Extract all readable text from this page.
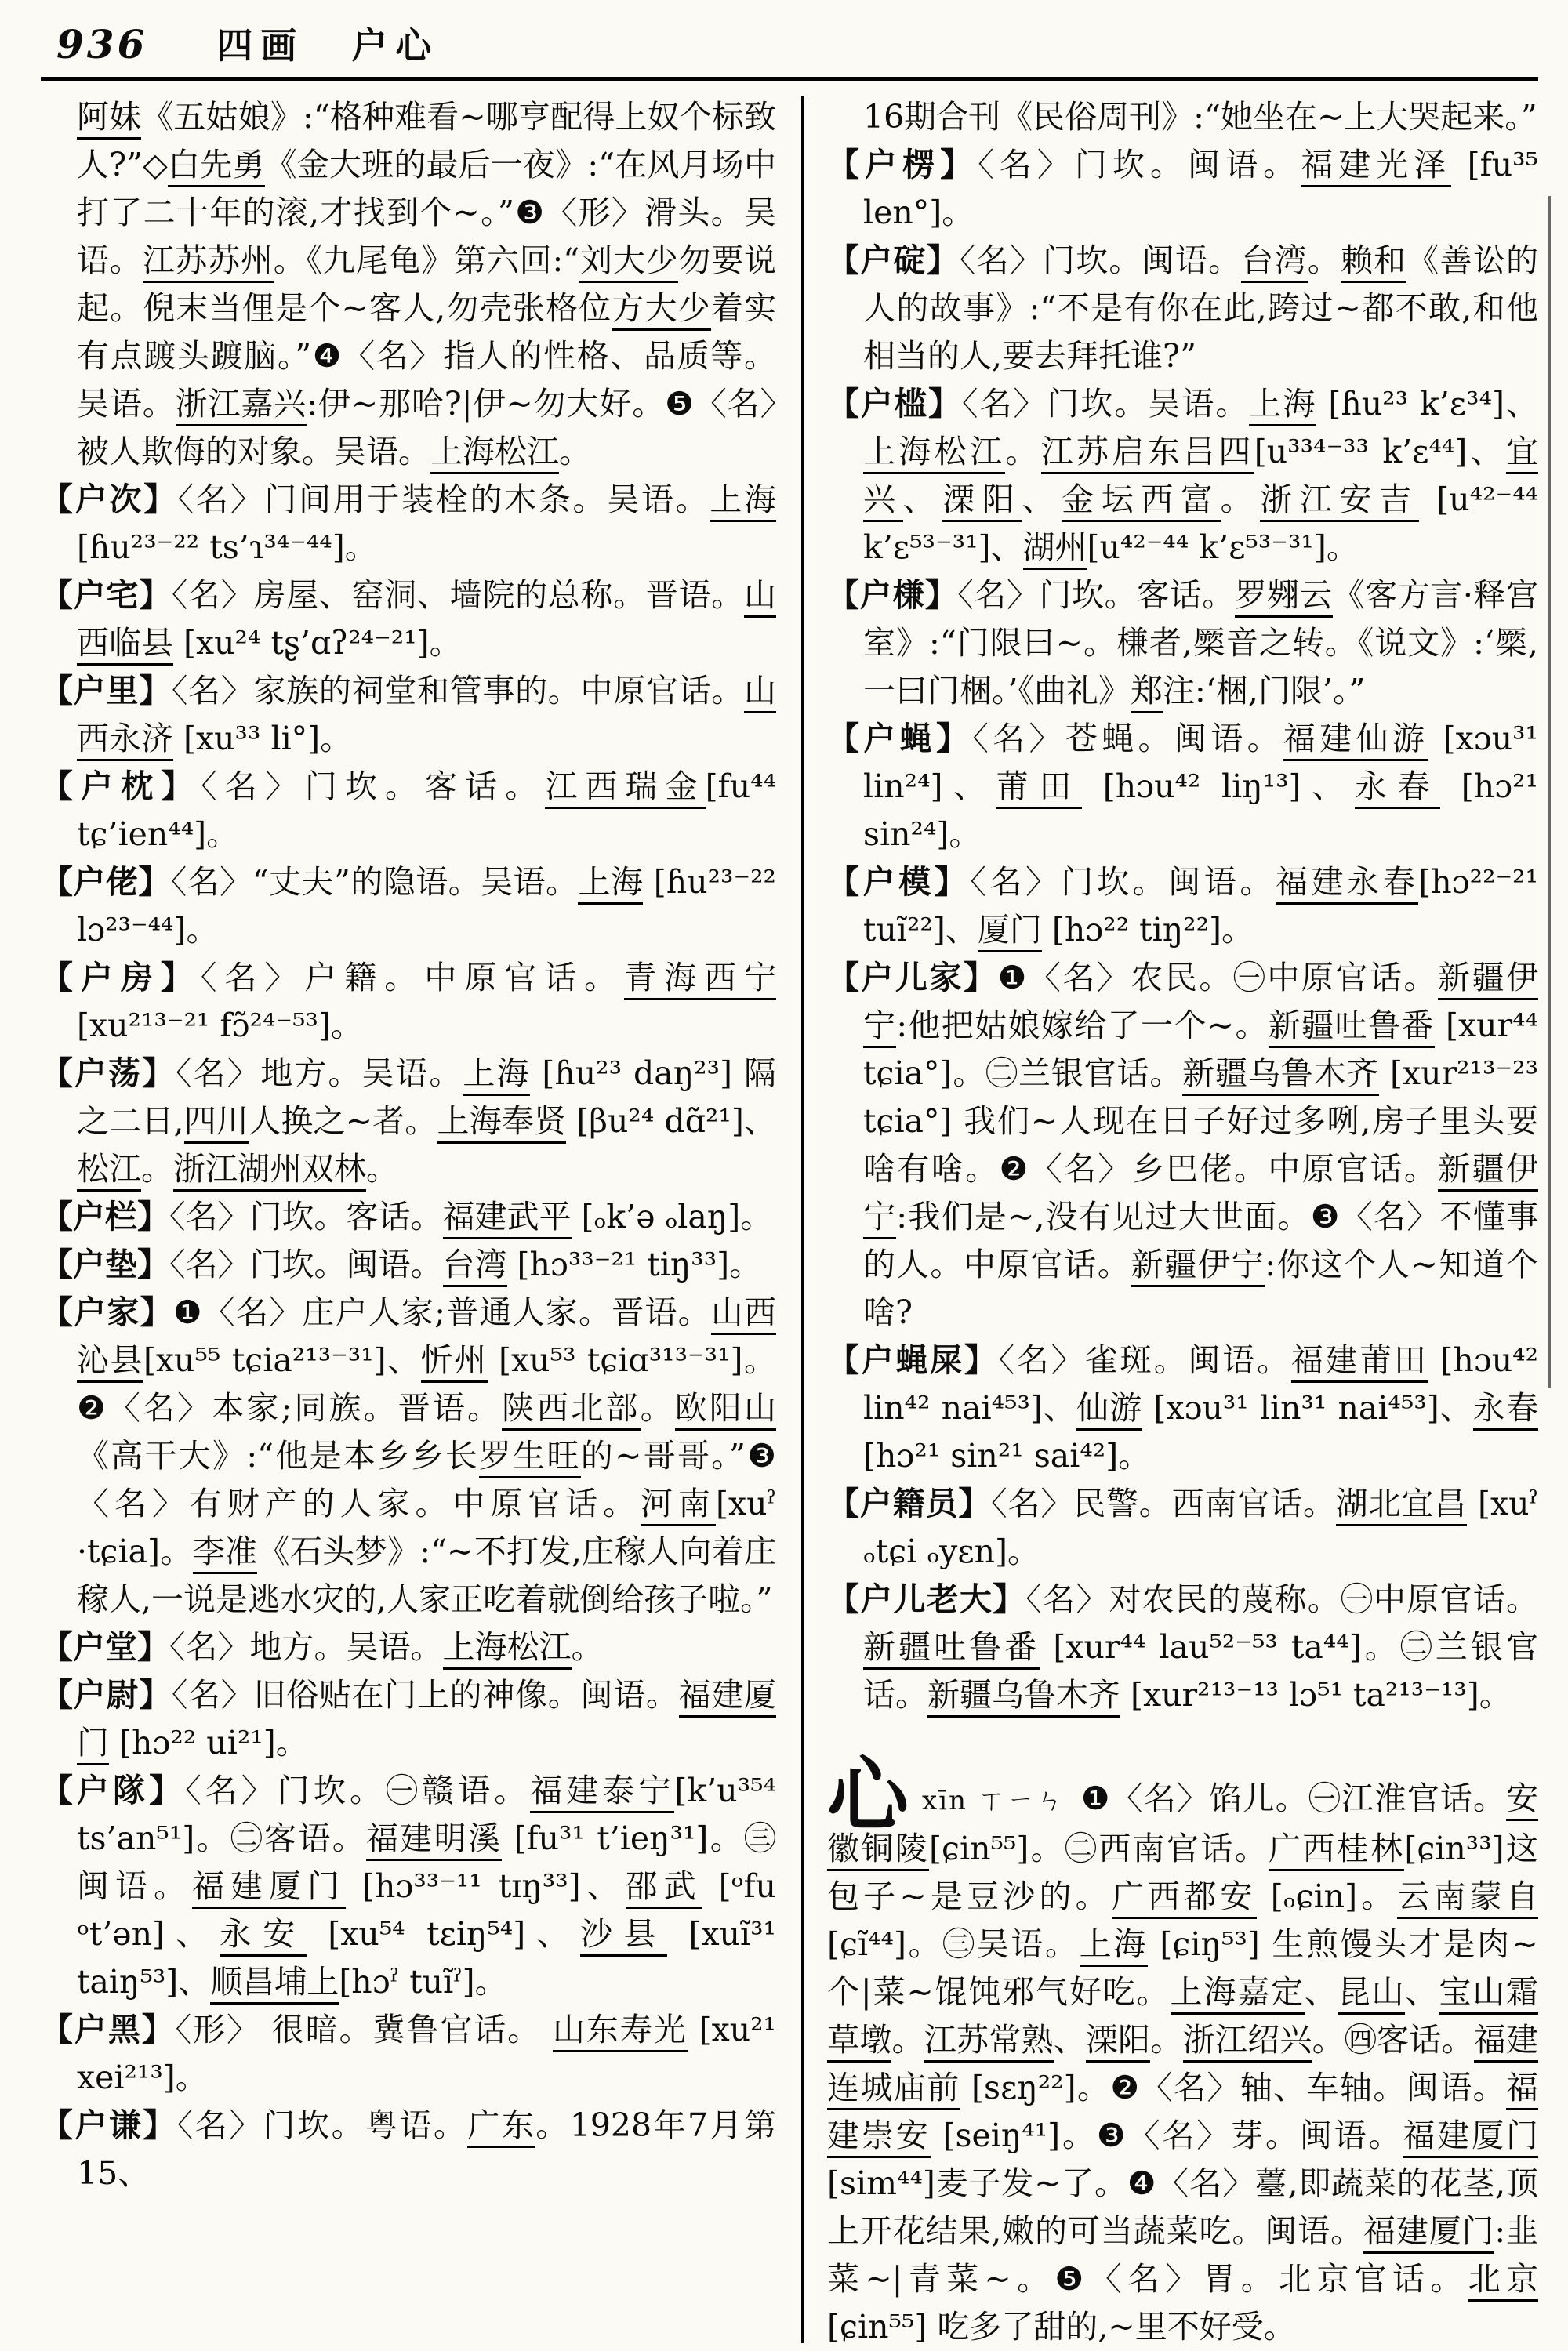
936 四画 户心

阿妹《五姑娘》:“格种难看~哪亨配得上奴个标致人?”◇白先勇《金大班的最后一夜》:“在风月场中打了二十年的滚,才找到个~。”❸〈形〉滑头。吴语。江苏苏州。《九尾龟》第六回:“刘大少勿要说起。倪末当俚是个~客人,勿壳张格位方大少着实有点踱头踱脑。”❹〈名〉指人的性格、品质等。吴语。浙江嘉兴:伊~那哈?|伊~勿大好。❺〈名〉被人欺侮的对象。吴语。上海松江。

【户次】〈名〉门间用于装栓的木条。吴语。上海[ɦu²³⁻²² ts’ɿ³⁴⁻⁴⁴]。

【户宅】〈名〉房屋、窑洞、墙院的总称。晋语。山西临县 [xu²⁴ tʂ’ɑʔ²⁴⁻²¹]。

【户里】〈名〉家族的祠堂和管事的。中原官话。山西永济 [xu³³ li°]。

【户枕】〈名〉门坎。客话。江西瑞金[fu⁴⁴ tɕ’ien⁴⁴]。

【户佬】〈名〉“丈夫”的隐语。吴语。上海 [ɦu²³⁻²² lɔ²³⁻⁴⁴]。

【户房】〈名〉户籍。中原官话。青海西宁 [xu²¹³⁻²¹ fɔ̃²⁴⁻⁵³]。

【户荡】〈名〉地方。吴语。上海 [ɦu²³ daŋ²³] 隔之二日,四川人换之~者。上海奉贤 [βu²⁴ dɑ̃²¹]、松江。浙江湖州双林。

【户栏】〈名〉门坎。客话。福建武平 [ₒk’ə ₒlaŋ]。

【户垫】〈名〉门坎。闽语。台湾 [hɔ³³⁻²¹ tiŋ³³]。

【户家】❶〈名〉庄户人家;普通人家。晋语。山西沁县[xu⁵⁵ tɕia²¹³⁻³¹]、忻州 [xu⁵³ tɕiɑ³¹³⁻³¹]。❷〈名〉本家;同族。晋语。陕西北部。欧阳山《高干大》:“他是本乡乡长罗生旺的~哥哥。”❸〈名〉有财产的人家。中原官话。河南[xuˀ ·tɕia]。李准《石头梦》:“~不打发,庄稼人向着庄稼人,一说是逃水灾的,人家正吃着就倒给孩子啦。”

【户堂】〈名〉地方。吴语。上海松江。

【户尉】〈名〉旧俗贴在门上的神像。闽语。福建厦门 [hɔ²² ui²¹]。

【户隊】〈名〉门坎。㊀赣语。福建泰宁[k’u³⁵⁴ ts’an⁵¹]。㊁客语。福建明溪 [fu³¹ t’ieŋ³¹]。㊂闽语。福建厦门 [hɔ³³⁻¹¹ tɪŋ³³]、邵武 [ᵒfu ᵒt’ən]、永安 [xu⁵⁴ tɛiŋ⁵⁴]、沙县 [xuĩ³¹ taiŋ⁵³]、顺昌埔上[hɔˀ tuĩˀ]。

【户黑】〈形〉 很暗。冀鲁官话。 山东寿光 [xu²¹ xei²¹³]。

【户谦】〈名〉门坎。粤语。广东。1928年7月第15、

16期合刊《民俗周刊》:“她坐在~上大哭起来。”

【户楞】〈名〉门坎。闽语。福建光泽 [fu³⁵ len°]。

【户碇】〈名〉门坎。闽语。台湾。赖和《善讼的人的故事》:“不是有你在此,跨过~都不敢,和他相当的人,要去拜托谁?”

【户槛】〈名〉门坎。吴语。上海 [ɦu²³ k’ɛ³⁴]、上海松江。江苏启东吕四[u³³⁴⁻³³ k’ɛ⁴⁴]、宜兴、溧阳、金坛西富。浙江安吉 [u⁴²⁻⁴⁴ k’ɛ⁵³⁻³¹]、湖州[u⁴²⁻⁴⁴ k’ɛ⁵³⁻³¹]。

【户槏】〈名〉门坎。客话。罗翙云《客方言·释宫室》:“门限曰~。槏者,橜音之转。《说文》:‘橜,一曰门梱。’《曲礼》郑注:‘梱,门限’。”

【户蝇】〈名〉苍蝇。闽语。福建仙游 [xɔu³¹ lin²⁴]、莆田 [hɔu⁴² liŋ¹³]、永春 [hɔ²¹ sin²⁴]。

【户模】〈名〉门坎。闽语。福建永春[hɔ²²⁻²¹ tuĩ²²]、厦门 [hɔ²² tiŋ²²]。

【户儿家】❶〈名〉农民。㊀中原官话。新疆伊宁:他把姑娘嫁给了一个~。新疆吐鲁番 [xur⁴⁴ tɕia°]。㊁兰银官话。新疆乌鲁木齐 [xur²¹³⁻²³ tɕia°] 我们~人现在日子好过多咧,房子里头要啥有啥。❷〈名〉乡巴佬。中原官话。新疆伊宁:我们是~,没有见过大世面。❸〈名〉不懂事的人。中原官话。新疆伊宁:你这个人~知道个啥?

【户蝇屎】〈名〉雀斑。闽语。福建莆田 [hɔu⁴² lin⁴² nai⁴⁵³]、仙游 [xɔu³¹ lin³¹ nai⁴⁵³]、永春 [hɔ²¹ sin²¹ sai⁴²]。

【户籍员】〈名〉民警。西南官话。湖北宜昌 [xuˀ ₒtɕi ₒyɛn]。

【户儿老大】〈名〉对农民的蔑称。㊀中原官话。新疆吐鲁番 [xur⁴⁴ lau⁵²⁻⁵³ ta⁴⁴]。㊁兰银官话。新疆乌鲁木齐 [xur²¹³⁻¹³ lɔ⁵¹ ta²¹³⁻¹³]。

心xīn ㄒㄧㄣ ❶〈名〉馅儿。㊀江淮官话。安徽铜陵[ɕin⁵⁵]。㊁西南官话。广西桂林[ɕin³³]这包子~是豆沙的。广西都安 [ₒɕin]。云南蒙自 [ɕĩ⁴⁴]。㊂吴语。上海 [ɕiŋ⁵³] 生煎馒头才是肉~个|菜~馄饨邪气好吃。上海嘉定、昆山、宝山霜草墩。江苏常熟、溧阳。浙江绍兴。㊃客话。福建连城庙前 [sɛŋ²²]。❷〈名〉轴、车轴。闽语。福建崇安 [seiŋ⁴¹]。❸〈名〉芽。闽语。福建厦门 [sim⁴⁴]麦子发~了。❹〈名〉薹,即蔬菜的花茎,顶上开花结果,嫩的可当蔬菜吃。闽语。福建厦门:韭菜~|青菜~。❺〈名〉胃。北京官话。北京 [ɕin⁵⁵] 吃多了甜的,~里不好受。
